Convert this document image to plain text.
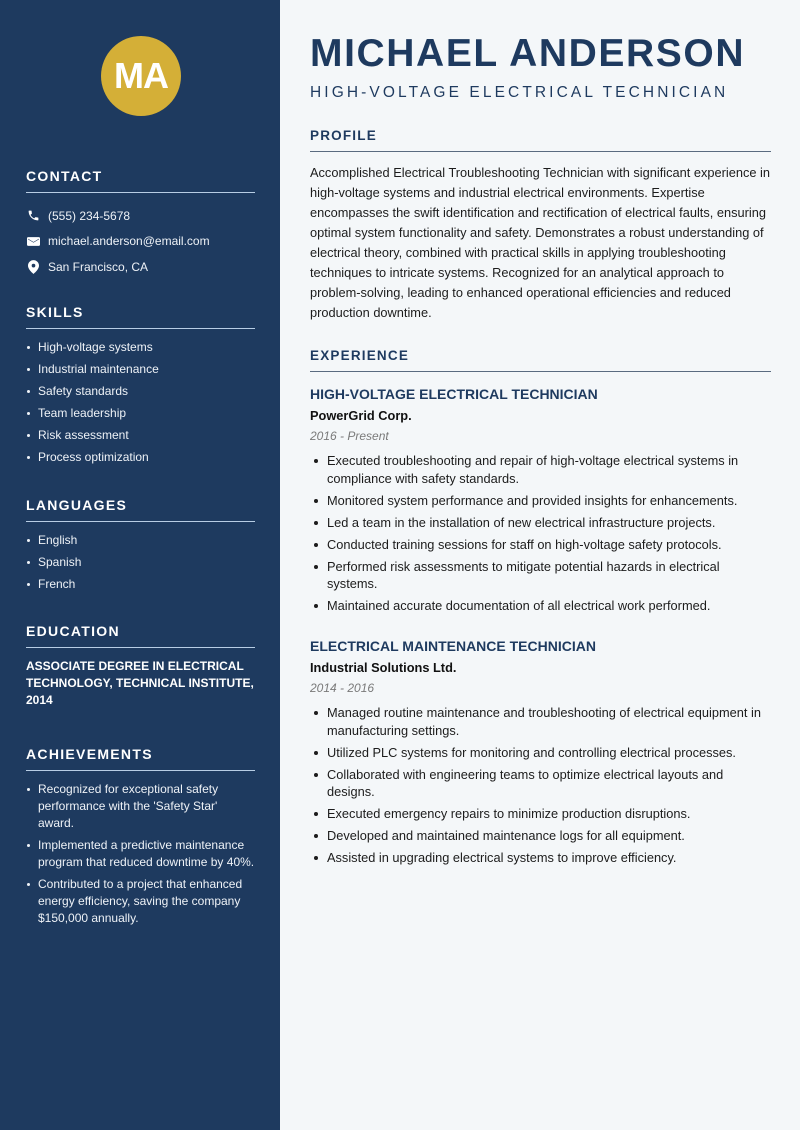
MA
CONTACT
(555) 234-5678
michael.anderson@email.com
San Francisco, CA
SKILLS
High-voltage systems
Industrial maintenance
Safety standards
Team leadership
Risk assessment
Process optimization
LANGUAGES
English
Spanish
French
EDUCATION
ASSOCIATE DEGREE IN ELECTRICAL TECHNOLOGY, TECHNICAL INSTITUTE, 2014
ACHIEVEMENTS
Recognized for exceptional safety performance with the 'Safety Star' award.
Implemented a predictive maintenance program that reduced downtime by 40%.
Contributed to a project that enhanced energy efficiency, saving the company $150,000 annually.
MICHAEL ANDERSON
HIGH-VOLTAGE ELECTRICAL TECHNICIAN
PROFILE
Accomplished Electrical Troubleshooting Technician with significant experience in high-voltage systems and industrial electrical environments. Expertise encompasses the swift identification and rectification of electrical faults, ensuring optimal system functionality and safety. Demonstrates a robust understanding of electrical theory, combined with practical skills in applying troubleshooting techniques to intricate systems. Recognized for an analytical approach to problem-solving, leading to enhanced operational efficiencies and reduced production downtime.
EXPERIENCE
HIGH-VOLTAGE ELECTRICAL TECHNICIAN
PowerGrid Corp.
2016 - Present
Executed troubleshooting and repair of high-voltage electrical systems in compliance with safety standards.
Monitored system performance and provided insights for enhancements.
Led a team in the installation of new electrical infrastructure projects.
Conducted training sessions for staff on high-voltage safety protocols.
Performed risk assessments to mitigate potential hazards in electrical systems.
Maintained accurate documentation of all electrical work performed.
ELECTRICAL MAINTENANCE TECHNICIAN
Industrial Solutions Ltd.
2014 - 2016
Managed routine maintenance and troubleshooting of electrical equipment in manufacturing settings.
Utilized PLC systems for monitoring and controlling electrical processes.
Collaborated with engineering teams to optimize electrical layouts and designs.
Executed emergency repairs to minimize production disruptions.
Developed and maintained maintenance logs for all equipment.
Assisted in upgrading electrical systems to improve efficiency.
